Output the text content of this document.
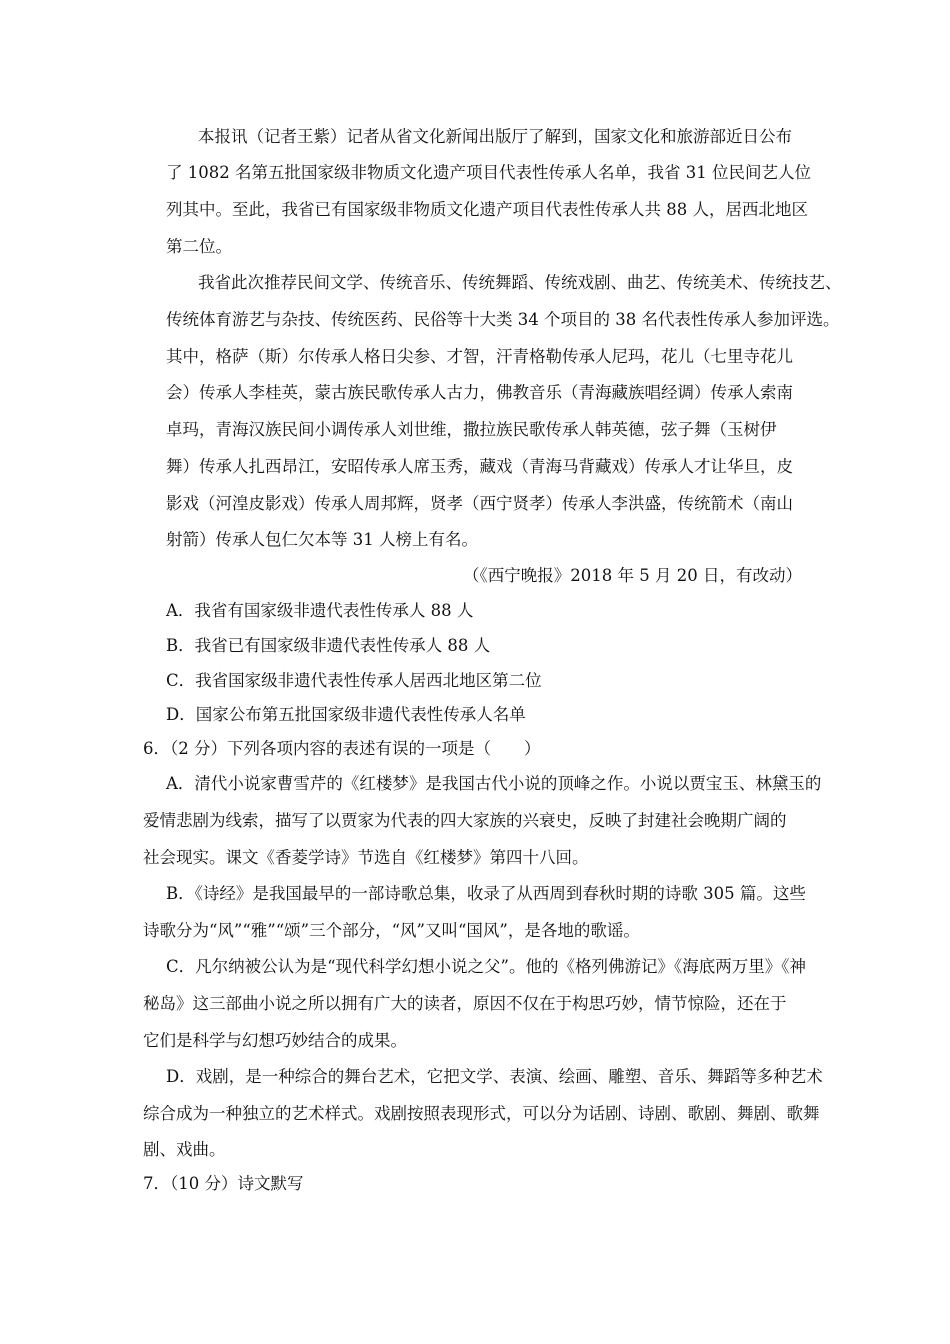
本报讯（记者王紫）记者从省文化新闻出版厅了解到，国家文化和旅游部近日公布
了 1082 名第五批国家级非物质文化遗产项目代表性传承人名单，我省 31 位民间艺人位
列其中。至此，我省已有国家级非物质文化遗产项目代表性传承人共 88 人，居西北地区
第二位。
我省此次推荐民间文学、传统音乐、传统舞蹈、传统戏剧、曲艺、传统美术、传统技艺、
传统体育游艺与杂技、传统医药、民俗等十大类 34 个项目的 38 名代表性传承人参加评选。
其中，格萨（斯）尔传承人格日尖参、才智，汗青格勒传承人尼玛，花儿（七里寺花儿
会）传承人李桂英，蒙古族民歌传承人古力，佛教音乐（青海藏族唱经调）传承人索南
卓玛，青海汉族民间小调传承人刘世维，撒拉族民歌传承人韩英德，弦子舞（玉树伊
舞）传承人扎西昂江，安昭传承人席玉秀，藏戏（青海马背藏戏）传承人才让华旦，皮
影戏（河湟皮影戏）传承人周邦辉，贤孝（西宁贤孝）传承人李洪盛，传统箭术（南山
射箭）传承人包仁欠本等 31 人榜上有名。
（《西宁晚报》2018 年 5 月 20 日，有改动）
A．我省有国家级非遗代表性传承人 88 人
B．我省已有国家级非遗代表性传承人 88 人
C．我省国家级非遗代表性传承人居西北地区第二位
D．国家公布第五批国家级非遗代表性传承人名单
6．（2 分）下列各项内容的表述有误的一项是（　　）
A．清代小说家曹雪芹的《红楼梦》是我国古代小说的顶峰之作。小说以贾宝玉、林黛玉的
爱情悲剧为线索，描写了以贾家为代表的四大家族的兴衰史，反映了封建社会晚期广阔的
社会现实。课文《香菱学诗》节选自《红楼梦》第四十八回。
B．《诗经》是我国最早的一部诗歌总集，收录了从西周到春秋时期的诗歌 305 篇。这些
诗歌分为“风”“雅”“颂”三个部分，“风”又叫“国风”，是各地的歌谣。
C．凡尔纳被公认为是“现代科学幻想小说之父”。他的《格列佛游记》《海底两万里》《神
秘岛》这三部曲小说之所以拥有广大的读者，原因不仅在于构思巧妙，情节惊险，还在于
它们是科学与幻想巧妙结合的成果。
D．戏剧，是一种综合的舞台艺术，它把文学、表演、绘画、雕塑、音乐、舞蹈等多种艺术
综合成为一种独立的艺术样式。戏剧按照表现形式，可以分为话剧、诗剧、歌剧、舞剧、歌舞
剧、戏曲。
7．（10 分）诗文默写
